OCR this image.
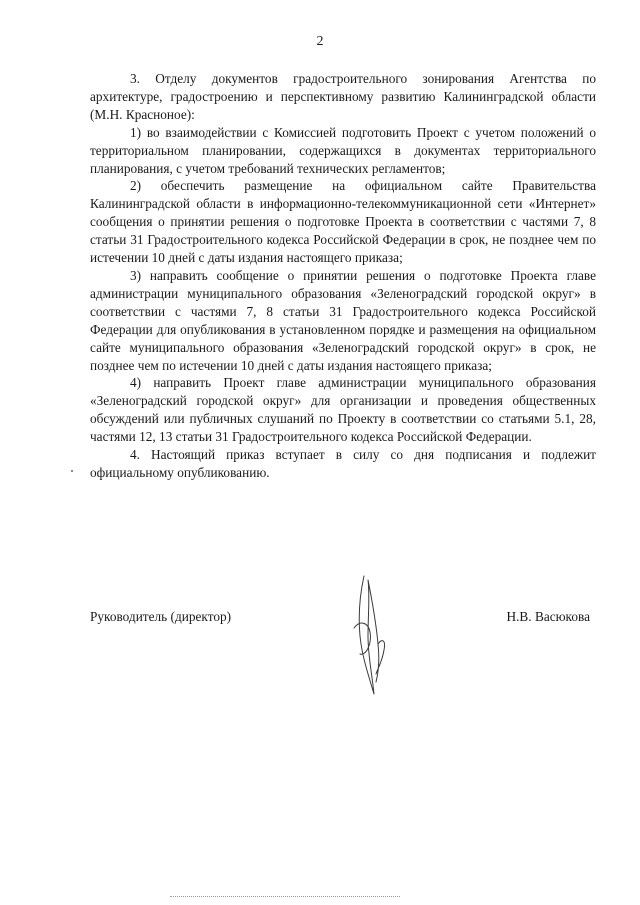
2

3. Отделу документов градостроительного зонирования Агентства по архитектуре, градостроению и перспективному развитию Калининградской области (М.Н. Красноное):

1) во взаимодействии с Комиссией подготовить Проект с учетом положений о территориальном планировании, содержащихся в документах территориального планирования, с учетом требований технических регламентов;

2) обеспечить размещение на официальном сайте Правительства Калининградской области в информационно-телекоммуникационной сети «Интернет» сообщения о принятии решения о подготовке Проекта в соответствии с частями 7, 8 статьи 31 Градостроительного кодекса Российской Федерации в срок, не позднее чем по истечении 10 дней с даты издания настоящего приказа;

3) направить сообщение о принятии решения о подготовке Проекта главе администрации муниципального образования «Зеленоградский городской округ» в соответствии с частями 7, 8 статьи 31 Градостроительного кодекса Российской Федерации для опубликования в установленном порядке и размещения на официальном сайте муниципального образования «Зеленоградский городской округ» в срок, не позднее чем по истечении 10 дней с даты издания настоящего приказа;

4) направить Проект главе администрации муниципального образования «Зеленоградский городской округ» для организации и проведения общественных обсуждений или публичных слушаний по Проекту в соответствии со статьями 5.1, 28, частями 12, 13 статьи 31 Градостроительного кодекса Российской Федерации.

4. Настоящий приказ вступает в силу со дня подписания и подлежит официальному опубликованию.

Руководитель (директор)	Н.В. Васюкова
